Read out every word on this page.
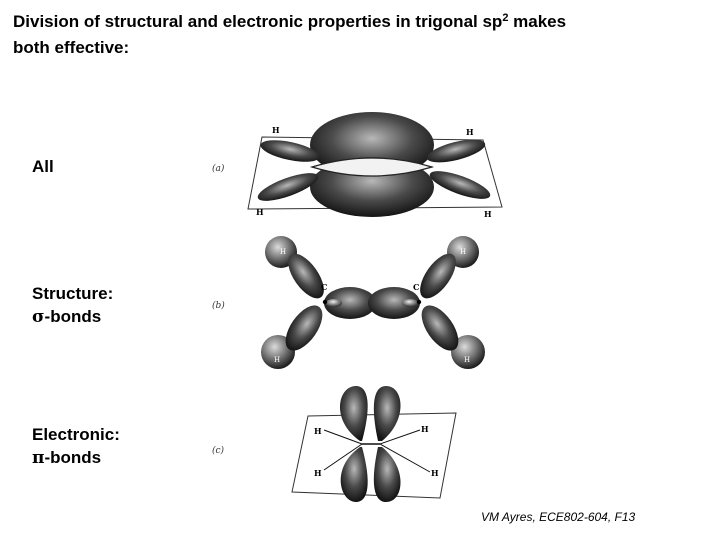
Division of structural and electronic properties in trigonal $sp^2$ makes
both effective:
All
Structure:
σ-bonds
Electronic:
π-bonds
(a)
(b)
(c)
H	H
H	H
C	C
H	H
H	H
H
H
H
H
VM Ayres, ECE802-604, F13
